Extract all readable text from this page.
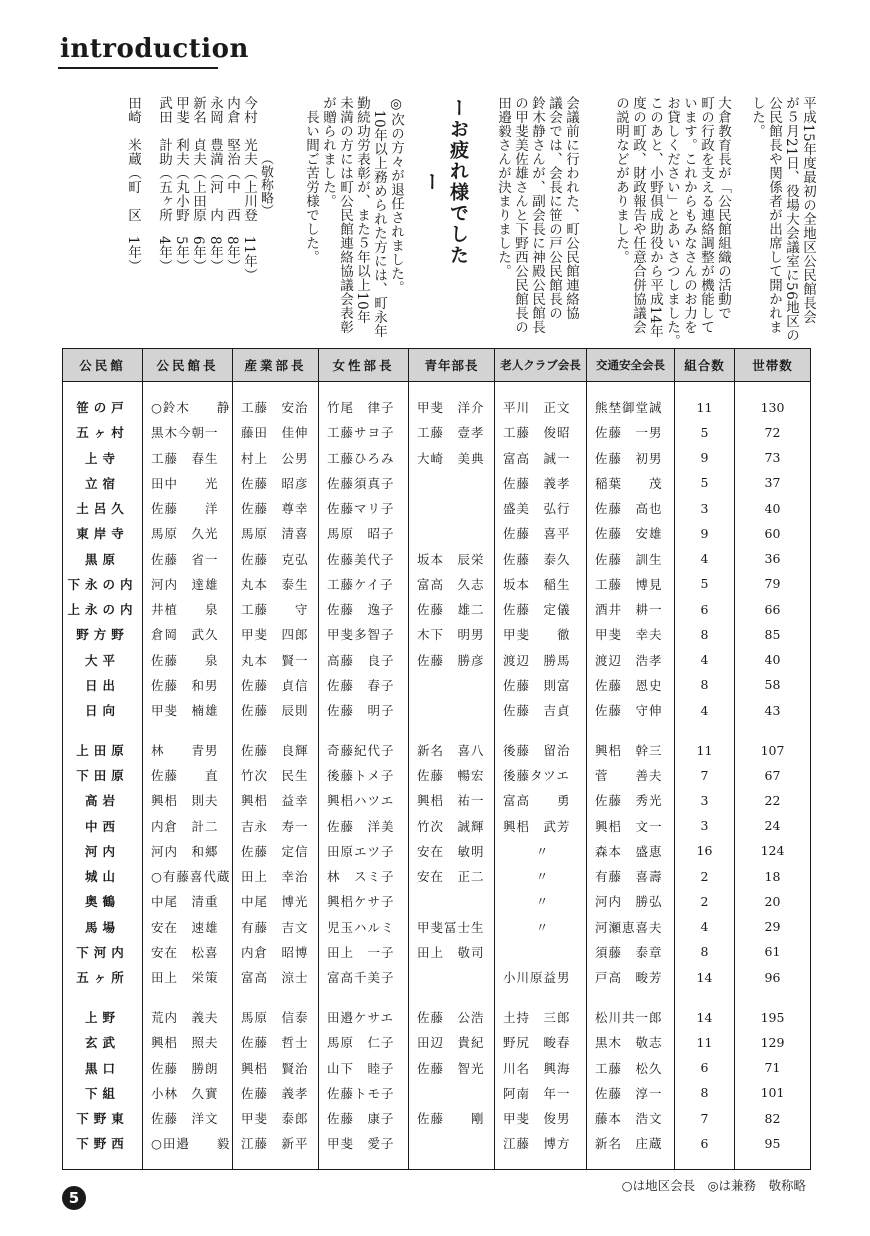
introduction

平成15年度最初の全地区公民館長会
が５月21日、役場大会議室に56地区の
公民館長や関係者が出席して開かれま
した。

大倉教育長が「公民館組織の活動で
町の行政を支える連絡調整が機能して
います。これからもみなさんのお力を
お貸しください」とあいさつしました。
このあと、小野俱成助役から平成14年
度の町政、財政報告や任意合併協議会
の説明などがありました。

会議前に行われた、町公民館連絡協
議会では、会長に笹の戸公民館長の
鈴木静さんが、副会長に神殿公民館長
の甲斐美佐雄さんと下野西公民館長の
田邉毅さんが決まりました。

ーお疲れ様でしたー
◎次の方々が退任されました。
　10年以上務められた方には、町永年
勤続功労表彰が、また５年以上10年
未満の方には町公民館連絡協議会表彰
が贈られました。
　長い間ご苦労様でした。
（敬称略）
今村　光夫（上川登　11年）
内倉　堅治（中　西　8年）
永岡　豊満（河　内　8年）
新名　貞夫（上田原　6年）
甲斐　利夫（丸小野　5年）
武田　計助（五ヶ所　4年）
田崎　米蔵（町　区　1年）
公民館	公民館長	産業部長	女性部長	青年部長	老人クラブ会長	交通安全会長	組合数	世帯数

笹の戸	○鈴木　　静	工藤　安治	竹尾　律子	甲斐　洋介	平川　正文	熊埜御堂誠	11	130
五ヶ村	黒木今朝一	藤田　佳伸	工藤サヨ子	工藤　壹孝	工藤　俊昭	佐藤　一男	5	72
上寺	工藤　春生	村上　公男	工藤ひろみ	大崎　美典	富高　誠一	佐藤　初男	9	73
立宿	田中　　光	佐藤　昭彦	佐藤須真子		佐藤　義孝	稲葉　　茂	5	37
土呂久	佐藤　　洋	佐藤　尊幸	佐藤マリ子		盛美　弘行	佐藤　高也	3	40
東岸寺	馬原　久光	馬原　清喜	馬原　昭子		佐藤　喜平	佐藤　安雄	9	60
黒原	佐藤　省一	佐藤　克弘	佐藤美代子	坂本　辰栄	佐藤　泰久	佐藤　訓生	4	36
下永の内	河内　達雄	丸本　泰生	工藤ケイ子	富高　久志	坂本　稲生	工藤　博見	5	79
上永の内	井植　　泉	工藤　　守	佐藤　逸子	佐藤　雄二	佐藤　定儀	酒井　耕一	6	66
野方野	倉岡　武久	甲斐　四郎	甲斐多智子	木下　明男	甲斐　　徹	甲斐　幸夫	8	85
大平	佐藤　　泉	丸本　賢一	高藤　良子	佐藤　勝彦	渡辺　勝馬	渡辺　浩孝	4	40
日出	佐藤　和男	佐藤　貞信	佐藤　春子		佐藤　則富	佐藤　恩史	8	58
日向	甲斐　楠雄	佐藤　辰則	佐藤　明子		佐藤　吉貞	佐藤　守伸	4	43

上田原	林　　青男	佐藤　良輝	奇藤紀代子	新名　喜八	後藤　留治	興梠　幹三	11	107
下田原	佐藤　　直	竹次　民生	後藤トメ子	佐藤　暢宏	後藤タツエ	菅　　善夫	7	67
高岩	興梠　則夫	興梠　益幸	興梠ハツエ	興梠　祐一	富高　　勇	佐藤　秀光	3	22
中西	内倉　計二	吉永　寿一	佐藤　洋美	竹次　誠輝	興梠　武芳	興梠　文一	3	24
河内	河内　和郷	佐藤　定信	田原エツ子	安在　敏明	〃	森本　盛恵	16	124
城山	○有藤喜代蔵	田上　幸治	林　スミ子	安在　正二	〃	有藤　喜壽	2	18
奥鶴	中尾　清重	中尾　博光	興梠ケサ子		〃	河内　勝弘	2	20
馬場	安在　速雄	有藤　吉文	児玉ハルミ	甲斐冨士生	〃	河瀬恵喜夫	4	29
下河内	安在　松喜	内倉　昭博	田上　一子	田上　敬司		須藤　泰章	8	61
五ヶ所	田上　栄策	富高　涼士	富高千美子		小川原益男	戸高　畯芳	14	96

上野	荒内　義夫	馬原　信泰	田邉ケサエ	佐藤　公浩	土持　三郎	松川共一郎	14	195
玄武	興梠　照夫	佐藤　哲士	馬原　仁子	田辺　貴紀	野尻　畯春	黒木　敬志	11	129
黒口	佐藤　勝朗	興梠　賢治	山下　睦子	佐藤　智光	川名　興海	工藤　松久	6	71
下組	小林　久實	佐藤　義孝	佐藤トモ子		阿南　年一	佐藤　淳一	8	101
下野東	佐藤　洋文	甲斐　泰郎	佐藤　康子	佐藤　　剛	甲斐　俊男	藤本　浩文	7	82
下野西	○田邉　　毅	江藤　新平	甲斐　愛子		江藤　博方	新名　庄蔵	6	95

○は地区会長　◎は兼務　敬称略

5
